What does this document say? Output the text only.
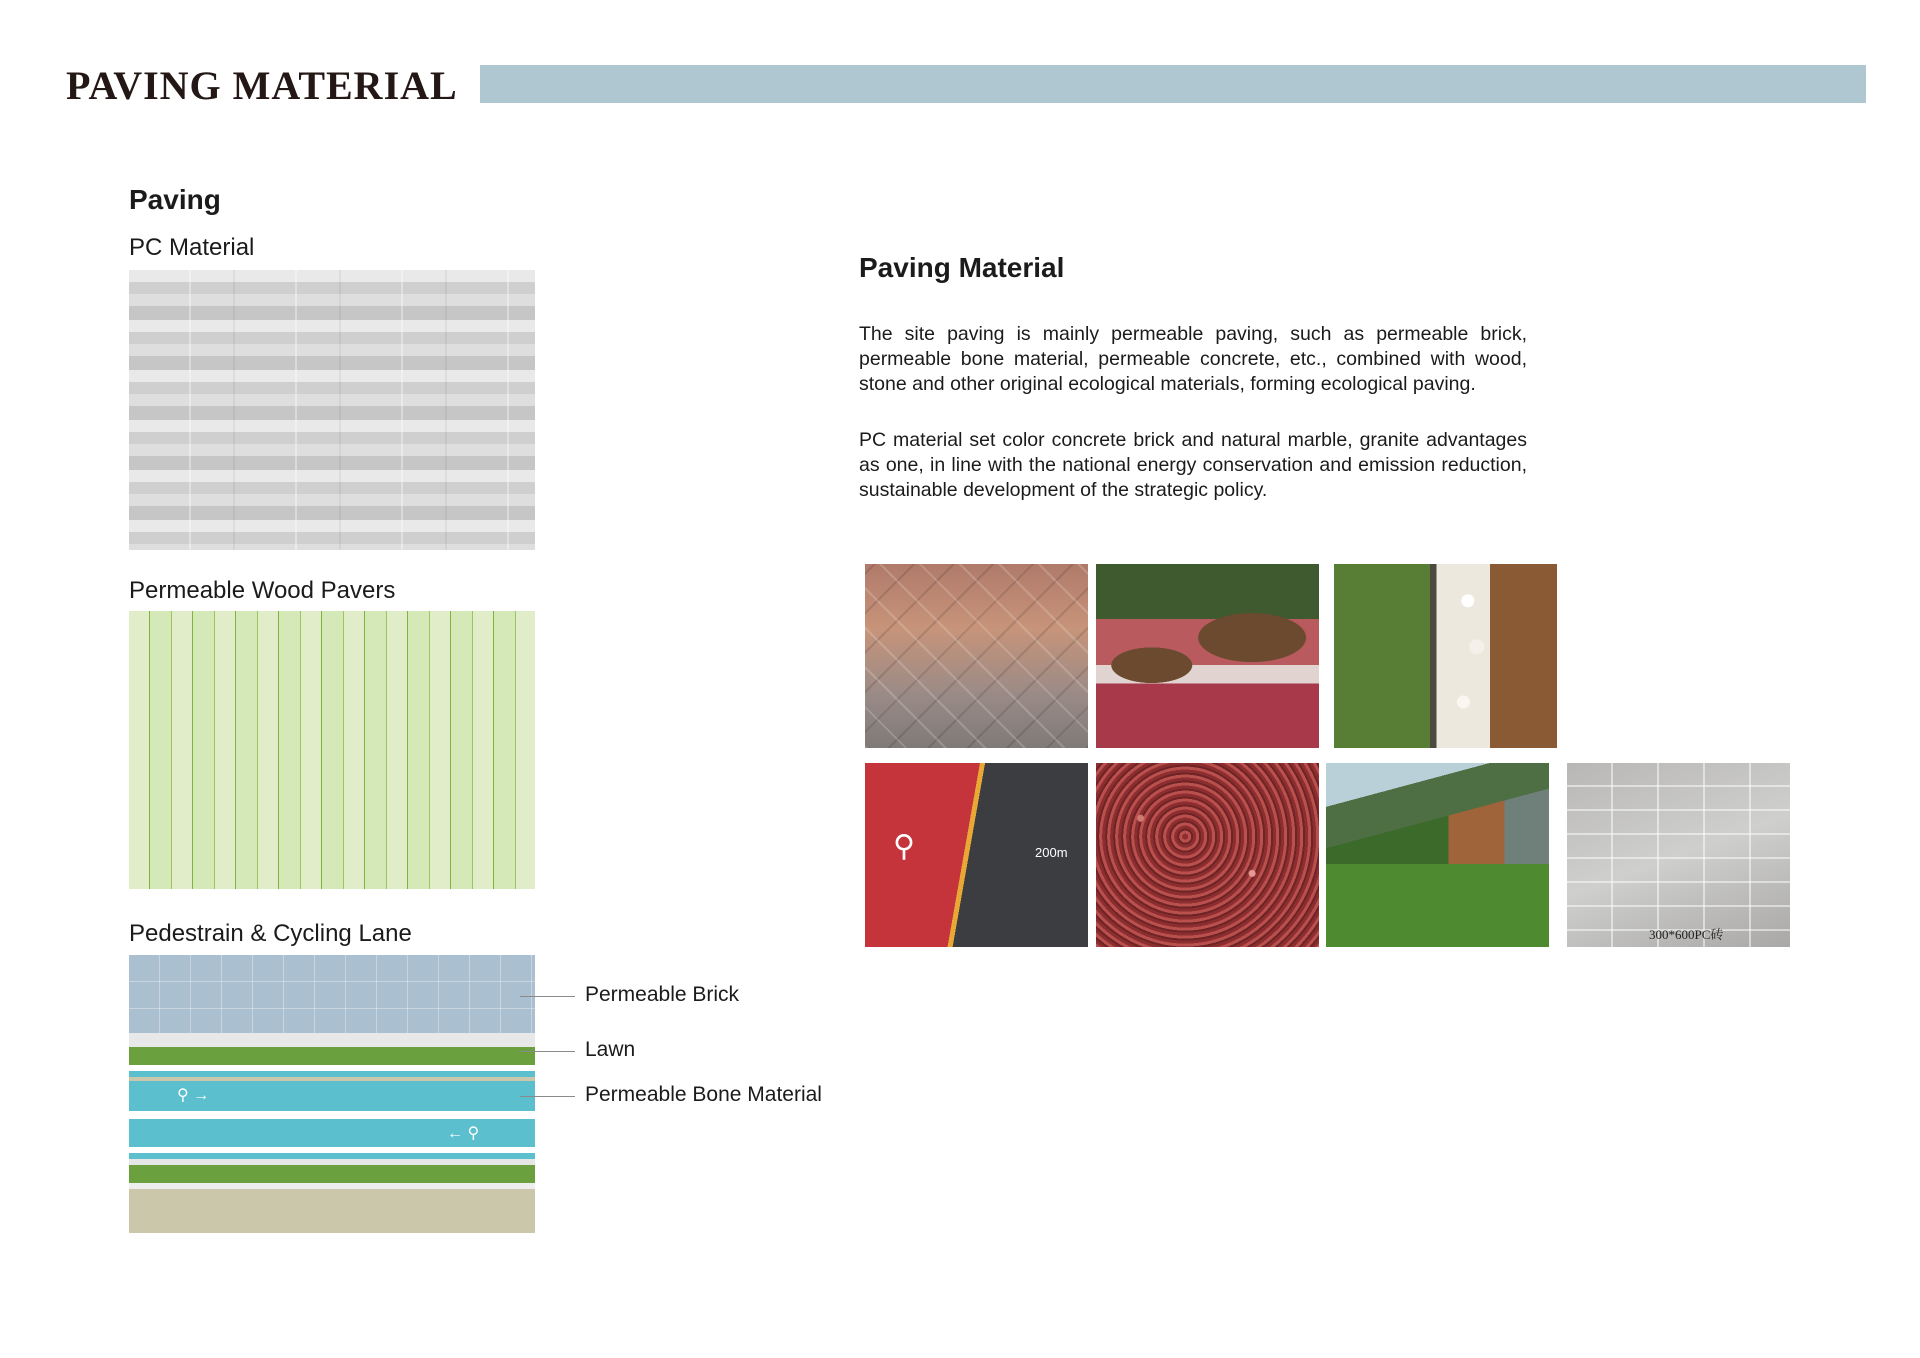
PAVING MATERIAL
Paving
PC Material
Permeable Wood Pavers
Pedestrain & Cycling Lane
⚲ →
← ⚲
Permeable Brick
Lawn
Permeable Bone Material
Paving Material

The site paving is mainly permeable paving, such as permeable brick, permeable bone material, permeable concrete, etc., combined with wood, stone and other original ecological materials, forming ecological paving.

PC material set color concrete brick and natural marble, granite advantages as one, in line with the national energy conservation and emission reduction, sustainable development of the strategic policy.

⚲	200m
300*600PC砖
